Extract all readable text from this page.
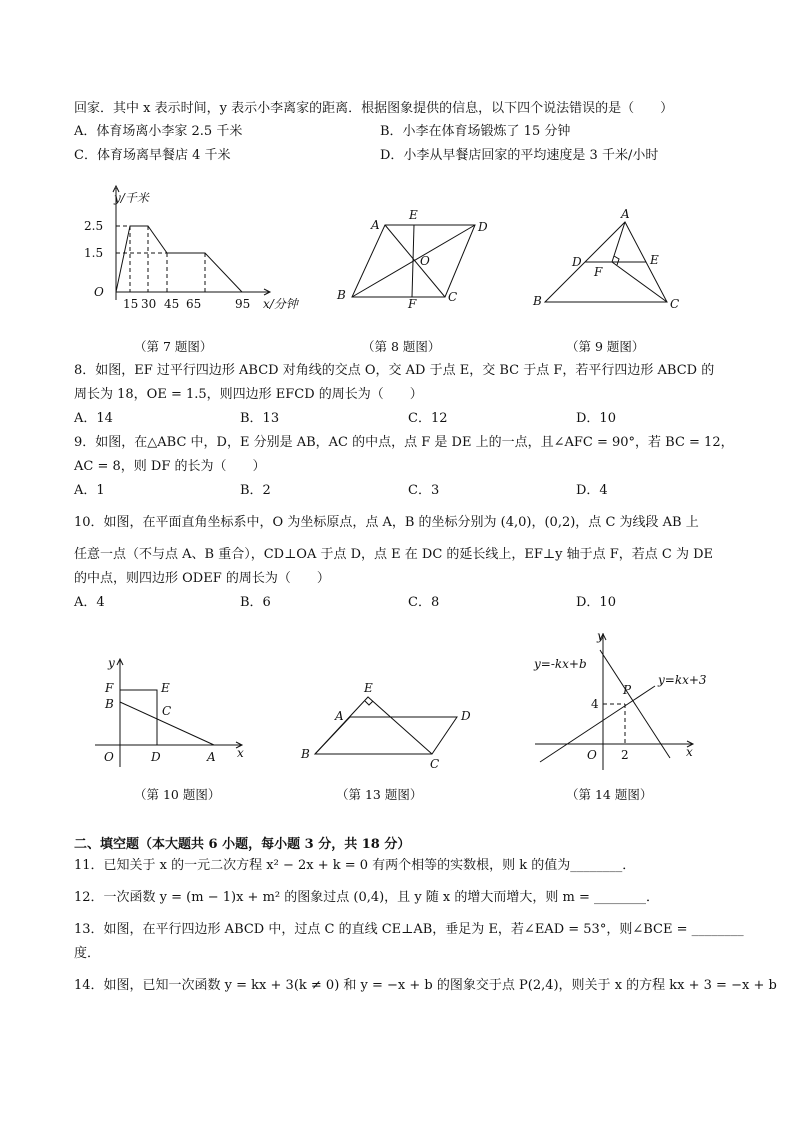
回家．其中 x 表示时间，y 表示小李离家的距离．根据图象提供的信息，以下四个说法错误的是（　　）
A．体育场离小李家 2.5 千米	B．小李在体育场锻炼了 15 分钟
C．体育场离早餐店 4 千米	D．小李从早餐店回家的平均速度是 3 千米/小时
y/千米
2.5
1.5
O
15 30 45 65	95 x/分钟
（第 7 题图）
A
E
D
O
B
F	C
（第 8 题图）
A
D	E
F
B	C
（第 9 题图）
8．如图，EF 过平行四边形 ABCD 对角线的交点 O，交 AD 于点 E，交 BC 于点 F，若平行四边形 ABCD 的
周长为 18，OE = 1.5，则四边形 EFCD 的周长为（　　）
A．14	B．13	C．12	D．10
9．如图，在△ABC 中，D，E 分别是 AB，AC 的中点，点 F 是 DE 上的一点，且∠AFC = 90°，若 BC = 12，
AC = 8，则 DF 的长为（　　）
A．1	B．2	C．3	D．4
10．如图，在平面直角坐标系中，O 为坐标原点，点 A，B 的坐标分别为 (4,0)，(0,2)，点 C 为线段 AB 上
任意一点（不与点 A、B 重合），CD⊥OA 于点 D，点 E 在 DC 的延长线上，EF⊥y 轴于点 F，若点 C 为 DE
的中点，则四边形 ODEF 的周长为（　　）
A．4	B．6	C．8	D．10
y
F	E
B	C
O	D	A x
（第 10 题图）
E
A	D
B
C
（第 13 题图）
y
y=-kx+b
y=kx+3
P
4
O 2	x
（第 14 题图）
二、填空题（本大题共 6 小题，每小题 3 分，共 18 分）
11．已知关于 x 的一元二次方程 x² − 2x + k = 0 有两个相等的实数根，则 k 的值为________．
12．一次函数 y = (m − 1)x + m² 的图象过点 (0,4)，且 y 随 x 的增大而增大，则 m = ________．
13．如图，在平行四边形 ABCD 中，过点 C 的直线 CE⊥AB，垂足为 E，若∠EAD = 53°，则∠BCE = ________
度．
14．如图，已知一次函数 y = kx + 3(k ≠ 0) 和 y = −x + b 的图象交于点 P(2,4)，则关于 x 的方程 kx + 3 = −x + b
